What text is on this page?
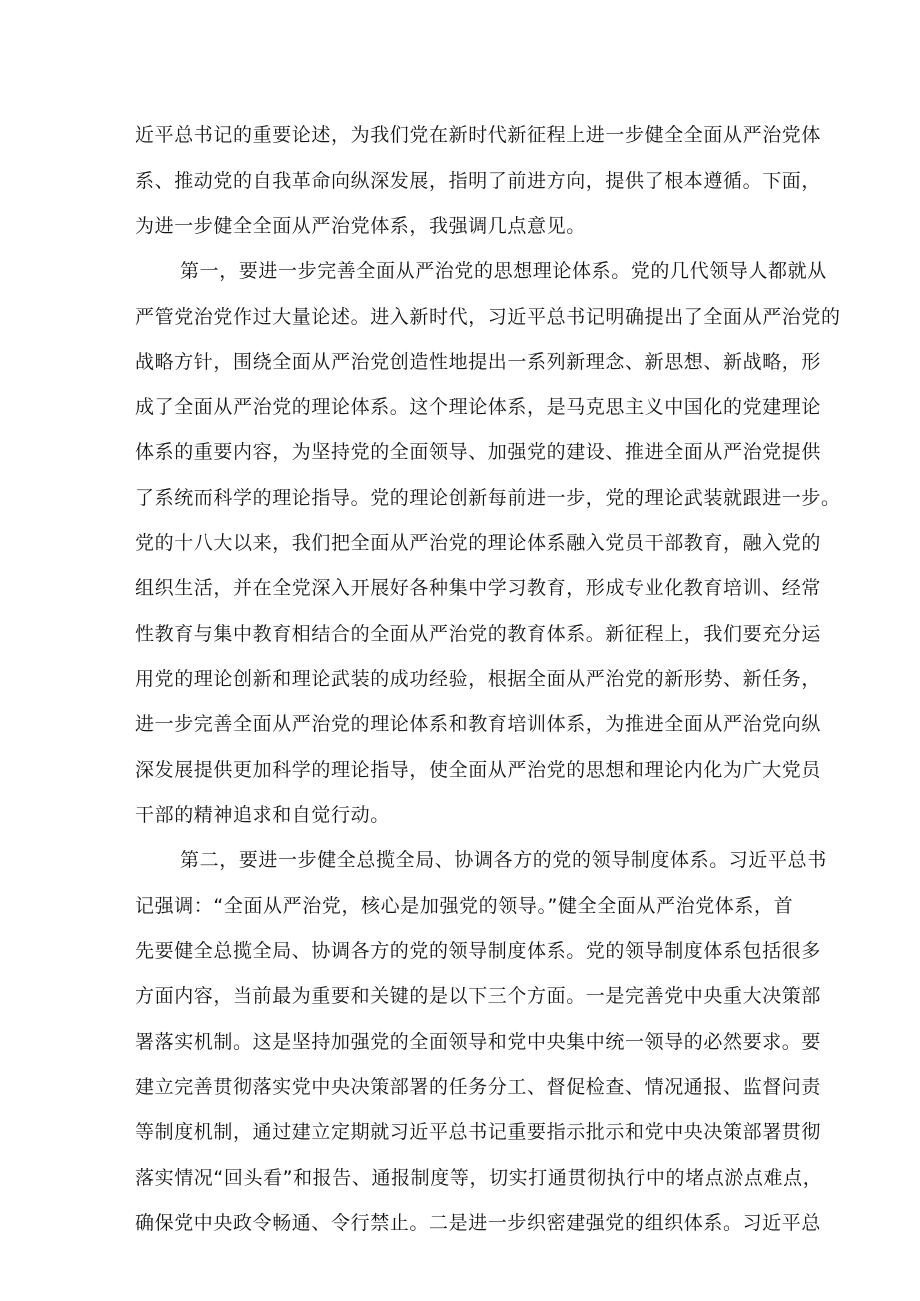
近平总书记的重要论述，为我们党在新时代新征程上进一步健全全面从严治党体
系、推动党的自我革命向纵深发展，指明了前进方向，提供了根本遵循。下面，
为进一步健全全面从严治党体系，我强调几点意见。
第一，要进一步完善全面从严治党的思想理论体系。党的几代领导人都就从
严管党治党作过大量论述。进入新时代，习近平总书记明确提出了全面从严治党的
战略方针，围绕全面从严治党创造性地提出一系列新理念、新思想、新战略，形
成了全面从严治党的理论体系。这个理论体系，是马克思主义中国化的党建理论
体系的重要内容，为坚持党的全面领导、加强党的建设、推进全面从严治党提供
了系统而科学的理论指导。党的理论创新每前进一步，党的理论武装就跟进一步。
党的十八大以来，我们把全面从严治党的理论体系融入党员干部教育，融入党的
组织生活，并在全党深入开展好各种集中学习教育，形成专业化教育培训、经常
性教育与集中教育相结合的全面从严治党的教育体系。新征程上，我们要充分运
用党的理论创新和理论武装的成功经验，根据全面从严治党的新形势、新任务，
进一步完善全面从严治党的理论体系和教育培训体系，为推进全面从严治党向纵
深发展提供更加科学的理论指导，使全面从严治党的思想和理论内化为广大党员
干部的精神追求和自觉行动。
第二，要进一步健全总揽全局、协调各方的党的领导制度体系。习近平总书
记强调：“全面从严治党，核心是加强党的领导。”健全全面从严治党体系，首
先要健全总揽全局、协调各方的党的领导制度体系。党的领导制度体系包括很多
方面内容，当前最为重要和关键的是以下三个方面。一是完善党中央重大决策部
署落实机制。这是坚持加强党的全面领导和党中央集中统一领导的必然要求。要
建立完善贯彻落实党中央决策部署的任务分工、督促检查、情况通报、监督问责
等制度机制，通过建立定期就习近平总书记重要指示批示和党中央决策部署贯彻
落实情况“回头看”和报告、通报制度等，切实打通贯彻执行中的堵点淤点难点，
确保党中央政令畅通、令行禁止。二是进一步织密建强党的组织体系。习近平总
